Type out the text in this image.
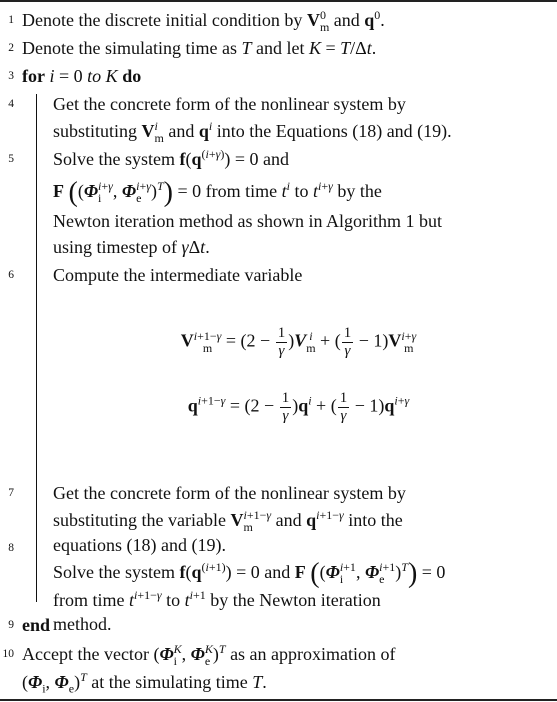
1
2
3
4
5
6
7
8
9
10
Denote the discrete initial condition by V 0
m and $q^0$.
Denote the simulating time as T and let K = T/Δt.
for i = 0 to K do
Get the concrete form of the nonlinear system by
substituting V i
m and $q^i$ into the Equations (18) and (19).
Solve the system $f(q^{(i+\gamma)}) = 0$ and
F ((Φ i+γ
i , Φ i+γ
e )$^T$) = 0 from time $t^i$ to $t^{i+\gamma}$ by the
Newton iteration method as shown in Algorithm 1 but
using timestep of γΔt.
Compute the intermediate variable
V i+1−γ
$m = (2 - \frac{1}{\gamma} )V$ i
m + ( $\frac{1}{\gamma} - 1)V$ i+γ
m
$q^{i+1-\gamma} = (2 - \frac{1}{\gamma} )q^i$ + ( $\frac{1}{\gamma} - 1)q^{i+\gamma}$
Get the concrete form of the nonlinear system by
substituting the variable V i+1−γ
m	and $q^{i+1-\gamma}$ into the
equations (18) and (19).
Solve the system $f(q^{(i+1)}) = 0$ and F ((Φ i+1
i , Φ i+1
e )$^T$) = 0
from time $t^{i+1-\gamma}$ to $t^{i+1}$ by the Newton iteration
method.
end
Accept the vector (Φ K
i , Φ K
e )$^T$ as an approximation of
($\Phi_i$, $\Phi_e)^T$ at the simulating time T.
